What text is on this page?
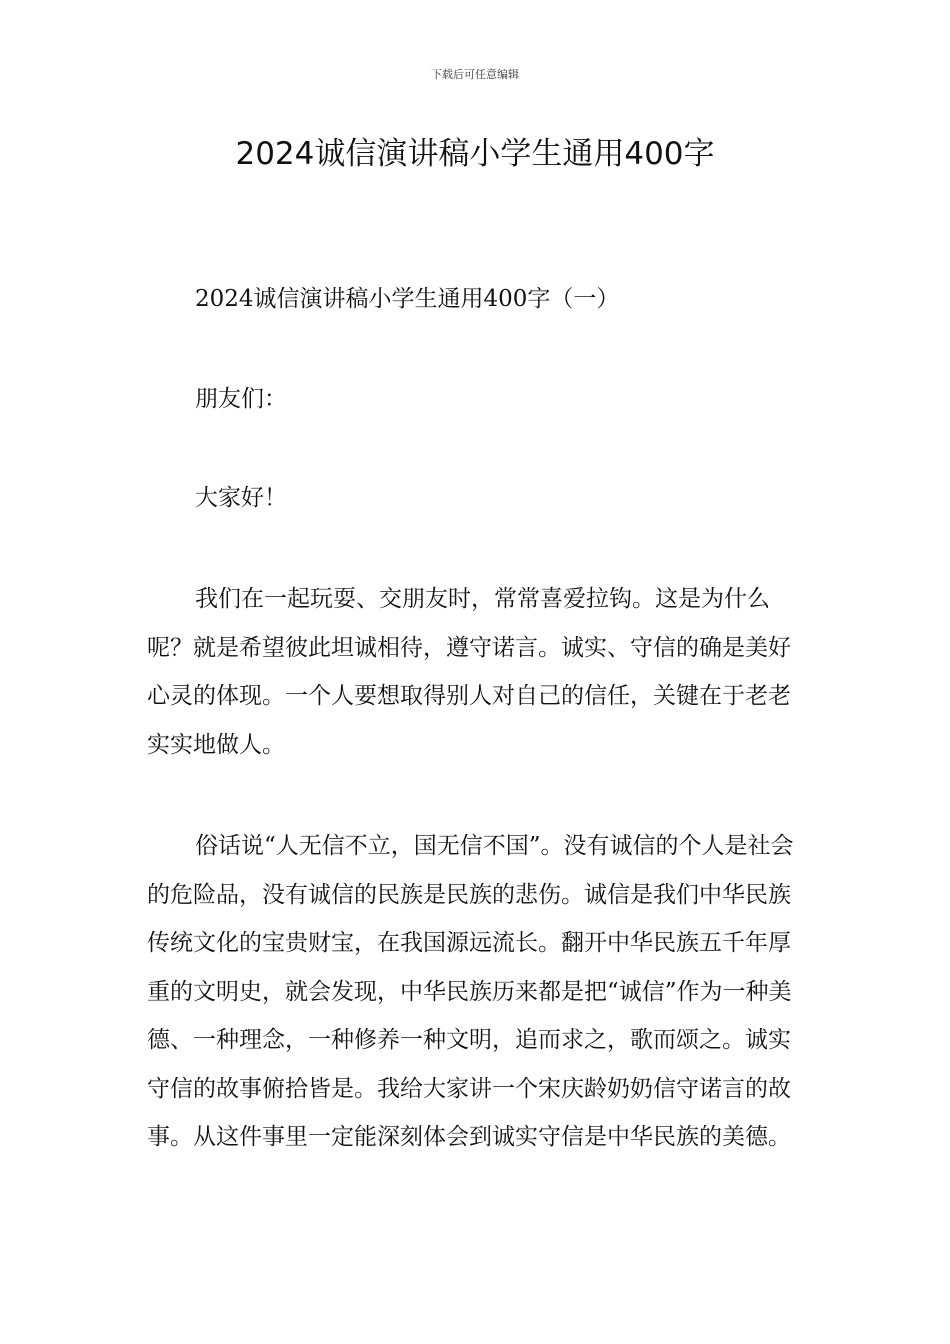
下载后可任意编辑
2024诚信演讲稿小学生通用400字

2024诚信演讲稿小学生通用400字（一）

朋友们：

大家好！

我们在一起玩耍、交朋友时，常常喜爱拉钩。这是为什么呢？就是希望彼此坦诚相待，遵守诺言。诚实、守信的确是美好心灵的体现。一个人要想取得别人对自己的信任，关键在于老老实实地做人。

俗话说“人无信不立，国无信不国”。没有诚信的个人是社会的危险品，没有诚信的民族是民族的悲伤。诚信是我们中华民族传统文化的宝贵财宝，在我国源远流长。翻开中华民族五千年厚重的文明史，就会发现，中华民族历来都是把“诚信”作为一种美德、一种理念，一种修养一种文明，追而求之，歌而颂之。诚实守信的故事俯拾皆是。我给大家讲一个宋庆龄奶奶信守诺言的故事。从这件事里一定能深刻体会到诚实守信是中华民族的美德。
